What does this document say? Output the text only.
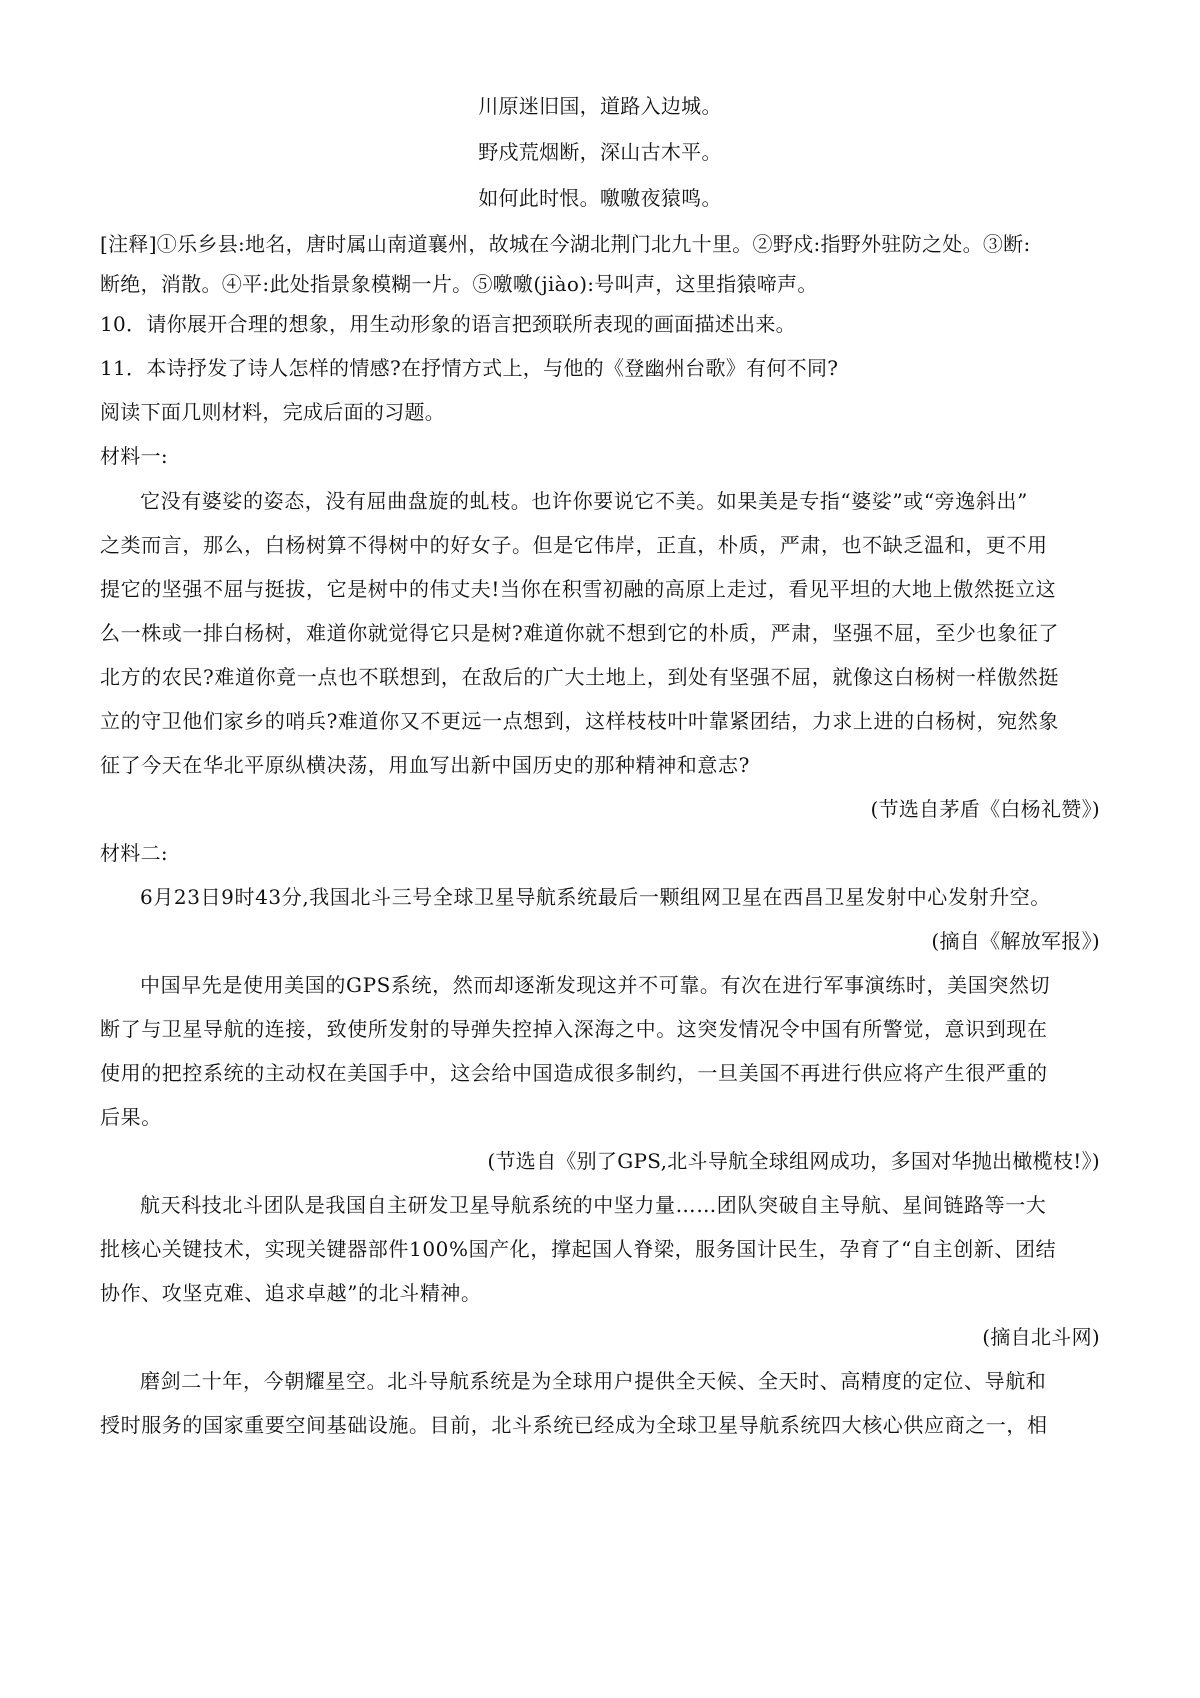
川原迷旧国，道路入边城。
野戍荒烟断，深山古木平。
如何此时恨。噭噭夜猿鸣。
[注释]①乐乡县:地名，唐时属山南道襄州，故城在今湖北荆门北九十里。②野戍:指野外驻防之处。③断:
断绝，消散。④平:此处指景象模糊一片。⑤噭噭(jiào):号叫声，这里指猿啼声。
10．请你展开合理的想象，用生动形象的语言把颈联所表现的画面描述出来。
11．本诗抒发了诗人怎样的情感?在抒情方式上，与他的《登幽州台歌》有何不同?
阅读下面几则材料，完成后面的习题。
材料一:
它没有婆娑的姿态，没有屈曲盘旋的虬枝。也许你要说它不美。如果美是专指“婆娑”或“旁逸斜出”
之类而言，那么，白杨树算不得树中的好女子。但是它伟岸，正直，朴质，严肃，也不缺乏温和，更不用
提它的坚强不屈与挺拔，它是树中的伟丈夫!当你在积雪初融的高原上走过，看见平坦的大地上傲然挺立这
么一株或一排白杨树，难道你就觉得它只是树?难道你就不想到它的朴质，严肃，坚强不屈，至少也象征了
北方的农民?难道你竟一点也不联想到，在敌后的广大土地上，到处有坚强不屈，就像这白杨树一样傲然挺
立的守卫他们家乡的哨兵?难道你又不更远一点想到，这样枝枝叶叶靠紧团结，力求上进的白杨树，宛然象
征了今天在华北平原纵横决荡，用血写出新中国历史的那种精神和意志?
(节选自茅盾《白杨礼赞》)
材料二:
6月23日9时43分,我国北斗三号全球卫星导航系统最后一颗组网卫星在西昌卫星发射中心发射升空。
(摘自《解放军报》)
中国早先是使用美国的GPS系统，然而却逐渐发现这并不可靠。有次在进行军事演练时，美国突然切
断了与卫星导航的连接，致使所发射的导弹失控掉入深海之中。这突发情况令中国有所警觉，意识到现在
使用的把控系统的主动权在美国手中，这会给中国造成很多制约，一旦美国不再进行供应将产生很严重的
后果。
(节选自《别了GPS,北斗导航全球组网成功，多国对华抛出橄榄枝!》)
航天科技北斗团队是我国自主研发卫星导航系统的中坚力量……团队突破自主导航、星间链路等一大
批核心关键技术，实现关键器部件100%国产化，撑起国人脊梁，服务国计民生，孕育了“自主创新、团结
协作、攻坚克难、追求卓越”的北斗精神。
(摘自北斗网)
磨剑二十年，今朝耀星空。北斗导航系统是为全球用户提供全天候、全天时、高精度的定位、导航和
授时服务的国家重要空间基础设施。目前，北斗系统已经成为全球卫星导航系统四大核心供应商之一，相
